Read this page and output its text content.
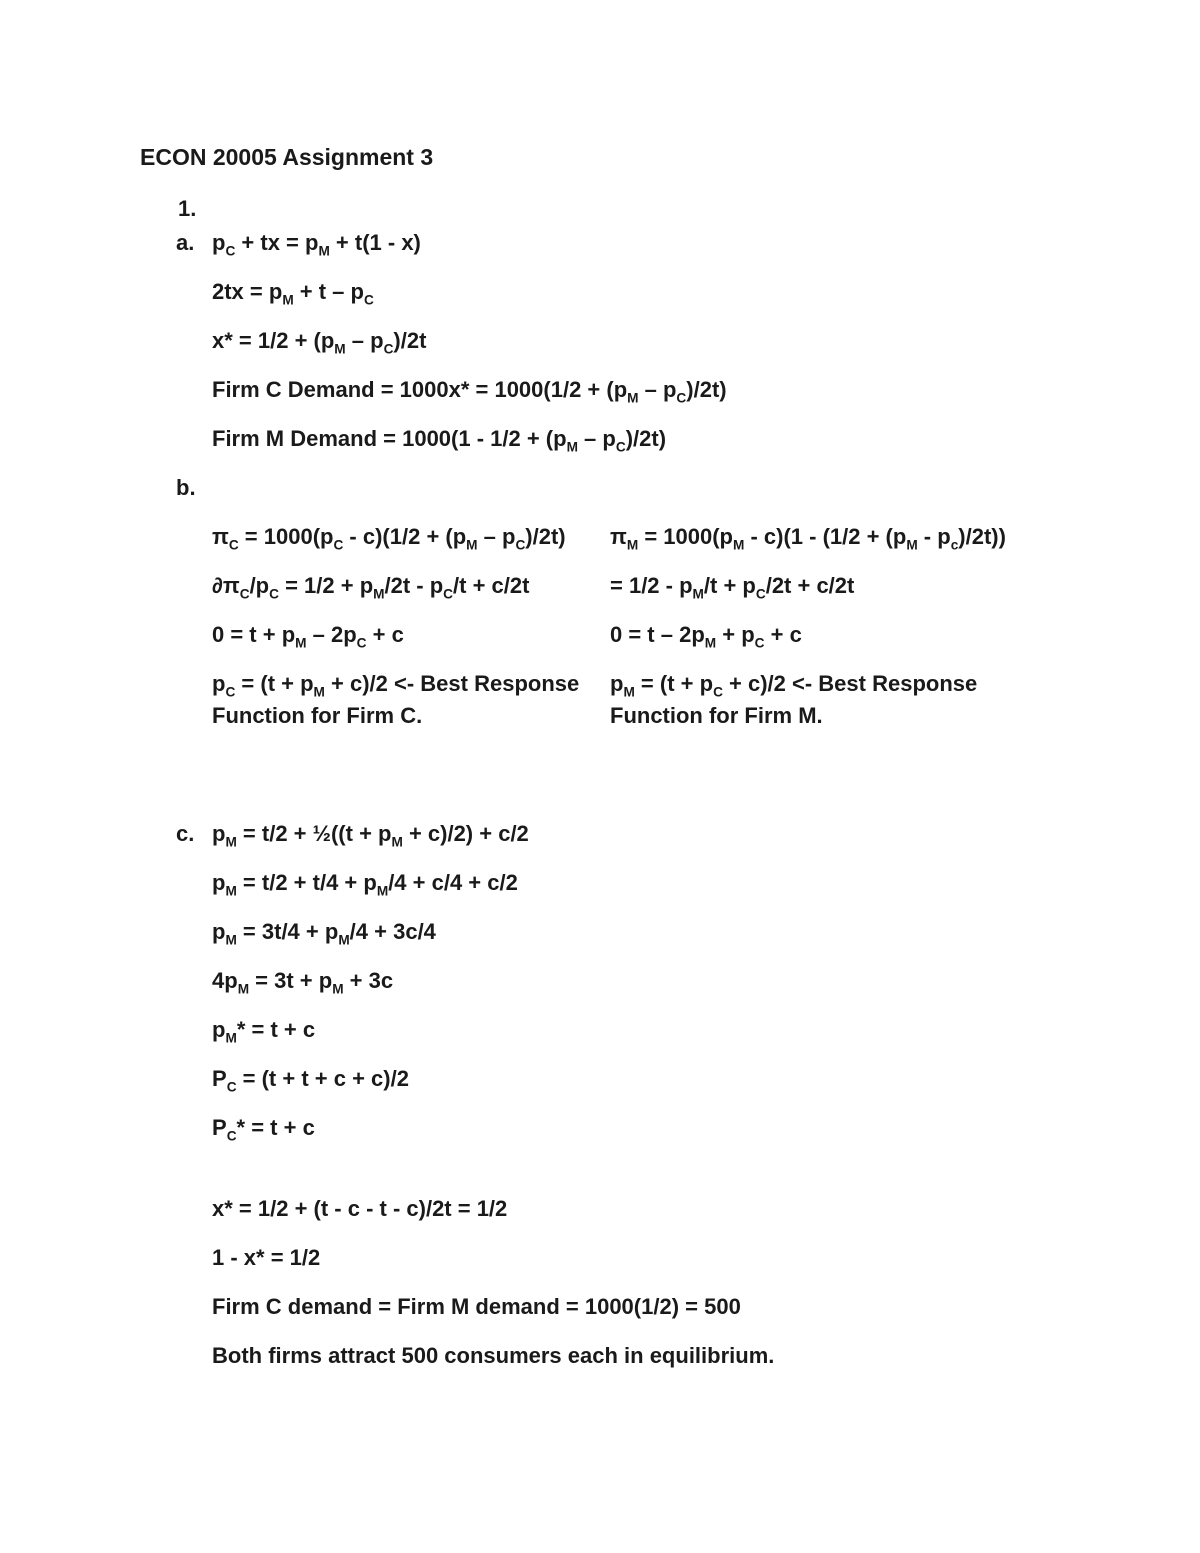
ECON 20005 Assignment 3
1.
a. $p_C$ + tx = $p_M + t(1 - x)$
$2tx = p_M + t - p_C$
$x* = 1/2 + (p_M - p_C)/2t$
Firm C Demand = $1000x* = 1000(1/2 + (p_M - p_C)/2t)$
Firm M Demand = $1000(1 - 1/2 + (p_M - p_C)/2t)$
b.
$\pi_C = 1000(p_C - c)(1/2 + (p_M - p_C)/2t)$
$\partial\pi_C/p_C = 1/2 + p_M/2t - p_C/t + c/2t$
$0 = t + p_M - 2p_C + c$
$p_C = (t + p_M + c)/2$ <- Best Response
Function for Firm C.
$\pi_M = 1000(p_M - c)(1 - (1/2 + (p_M - p_c)/2t))$
= $1/2 - p_M/t + p_C/2t + c/2t$
$0 = t - 2p_M + p_C + c$
$p_M = (t + p_C + c)/2$ <- Best Response
Function for Firm M.
c. $p_M = t/2$ + ½((t + $p_M + c)/2) + c/2$
$p_M = t/2 + t/4 + p_M/4 + c/4 + c/2$
$p_M = 3t/4 + p_M/4 + 3c/4$
$4p_M = 3t + p_M + 3c$
$p_M* = t + c$
$P_C = (t + t + c + c)/2$
$P_C* = t + c$
x* = 1/2 + (t - c - t - c)/2t = 1/2
1 - x* = 1/2
Firm C demand = Firm M demand = 1000(1/2) = 500
Both firms attract 500 consumers each in equilibrium.
